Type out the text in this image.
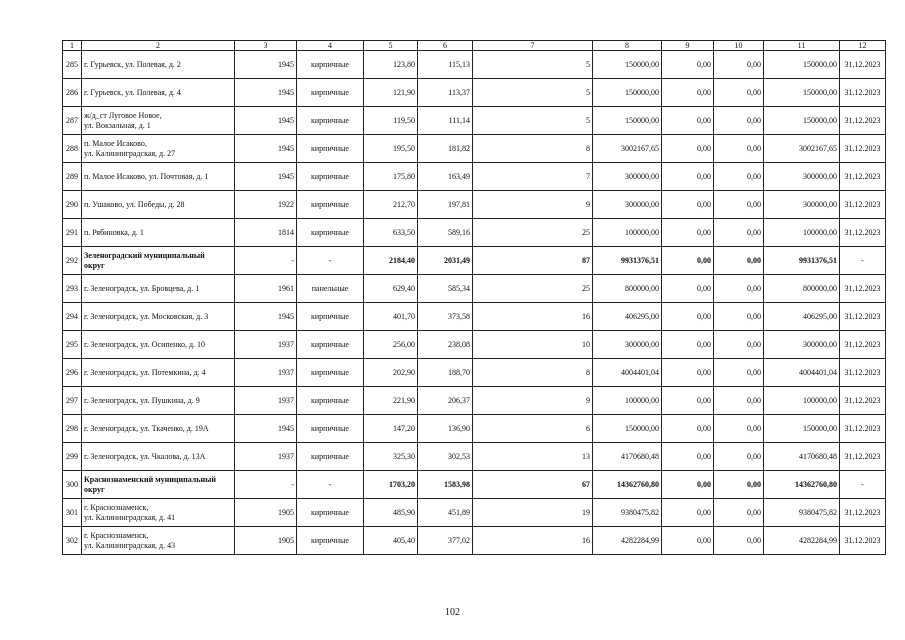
1	2	3	4	5	6	7	8	9	10	11	12
285	г. Гурьевск, ул. Полевая, д. 2	1945	кирпичные	123,80	115,13	5	150000,00	0,00	0,00	150000,00	31.12.2023
286	г. Гурьевск, ул. Полевая, д. 4	1945	кирпичные	121,90	113,37	5	150000,00	0,00	0,00	150000,00	31.12.2023
287	ж/д_ст Луговое Новое,
ул. Вокзальная, д. 1	1945	кирпичные	119,50	111,14	5	150000,00	0,00	0,00	150000,00	31.12.2023
288	п. Малое Исаково,
ул. Калининградская, д. 27	1945	кирпичные	195,50	181,82	8	3002167,65	0,00	0,00	3002167,65	31.12.2023
289	п. Малое Исаково, ул. Почтовая, д. 1	1945	кирпичные	175,80	163,49	7	300000,00	0,00	0,00	300000,00	31.12.2023
290	п. Ушаково, ул. Победы, д. 28	1922	кирпичные	212,70	197,81	9	300000,00	0,00	0,00	300000,00	31.12.2023
291	п. Рябиновка, д. 1	1814	кирпичные	633,50	589,16	25	100000,00	0,00	0,00	100000,00	31.12.2023
292	Зеленоградский муниципальный
округ	-	-	2184,40	2031,49	87	9931376,51	0,00	0,00	9931376,51	-
293	г. Зеленоградск, ул. Бровцева, д. 1	1961	панельные	629,40	585,34	25	800000,00	0,00	0,00	800000,00	31.12.2023
294	г. Зеленоградск, ул. Московская, д. 3	1945	кирпичные	401,70	373,58	16	406295,00	0,00	0,00	406295,00	31.12.2023
295	г. Зеленоградск, ул. Осипенко, д. 10	1937	кирпичные	256,00	238,08	10	300000,00	0,00	0,00	300000,00	31.12.2023
296	г. Зеленоградск, ул. Потемкина, д. 4	1937	кирпичные	202,90	188,70	8	4004401,04	0,00	0,00	4004401,04	31.12.2023
297	г. Зеленоградск, ул. Пушкина, д. 9	1937	кирпичные	221,90	206,37	9	100000,00	0,00	0,00	100000,00	31.12.2023
298	г. Зеленоградск, ул. Ткаченко, д. 19А	1945	кирпичные	147,20	136,90	6	150000,00	0,00	0,00	150000,00	31.12.2023
299	г. Зеленоградск, ул. Чкалова, д. 13А	1937	кирпичные	325,30	302,53	13	4170680,48	0,00	0,00	4170680,48	31.12.2023
300	Краснознаменский муниципальный
округ	-	-	1703,20	1583,98	67	14362760,80	0,00	0,00	14362760,80	-
301	г. Краснознаменск,
ул. Калининградская, д. 41	1905	кирпичные	485,90	451,89	19	9380475,82	0,00	0,00	9380475,82	31.12.2023
302	г. Краснознаменск,
ул. Калининградская, д. 43	1905	кирпичные	405,40	377,02	16	4282284,99	0,00	0,00	4282284,99	31.12.2023
102
